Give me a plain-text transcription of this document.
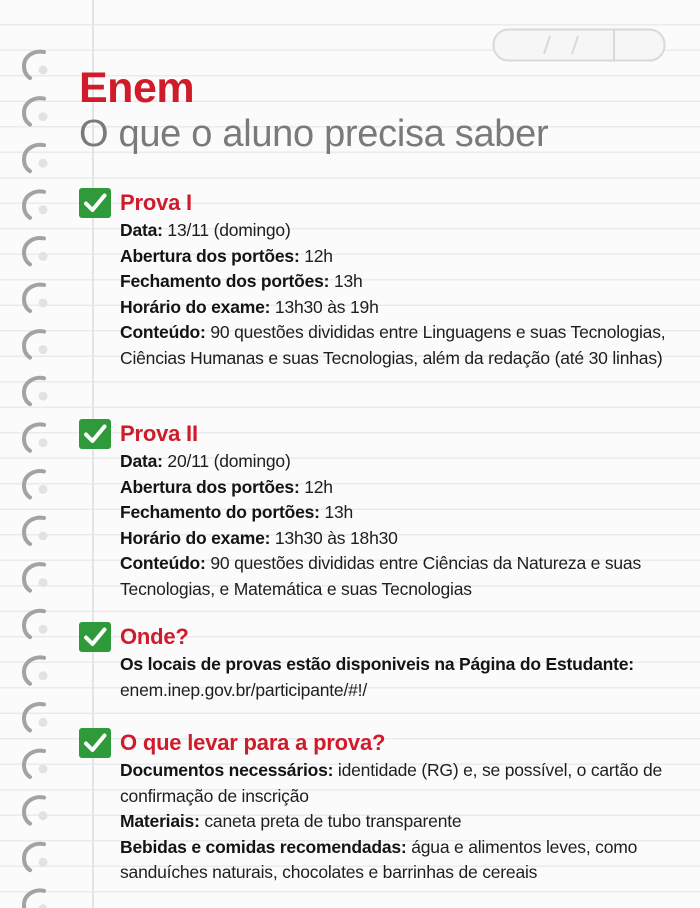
Enem
O que o aluno precisa saber
Prova I

Data: 13/11 (domingo)

Abertura dos portões: 12h

Fechamento dos portões: 13h

Horário do exame: 13h30 às 19h

Conteúdo: 90 questões divididas entre Linguagens e suas Tecnologias, Ciências Humanas e suas Tecnologias, além da redação (até 30 linhas)

Prova II

Data: 20/11 (domingo)

Abertura dos portões: 12h

Fechamento do portões: 13h

Horário do exame: 13h30 às 18h30

Conteúdo: 90 questões divididas entre Ciências da Natureza e suas Tecnologias, e Matemática e suas Tecnologias

Onde?

Os locais de provas estão disponiveis na Página do Estudante: enem.inep.gov.br/participante/#!/

O que levar para a prova?

Documentos necessários: identidade (RG) e, se possível, o cartão de confirmação de inscrição

Materiais: caneta preta de tubo transparente

Bebidas e comidas recomendadas: água e alimentos leves, como sanduíches naturais, chocolates e barrinhas de cereais
